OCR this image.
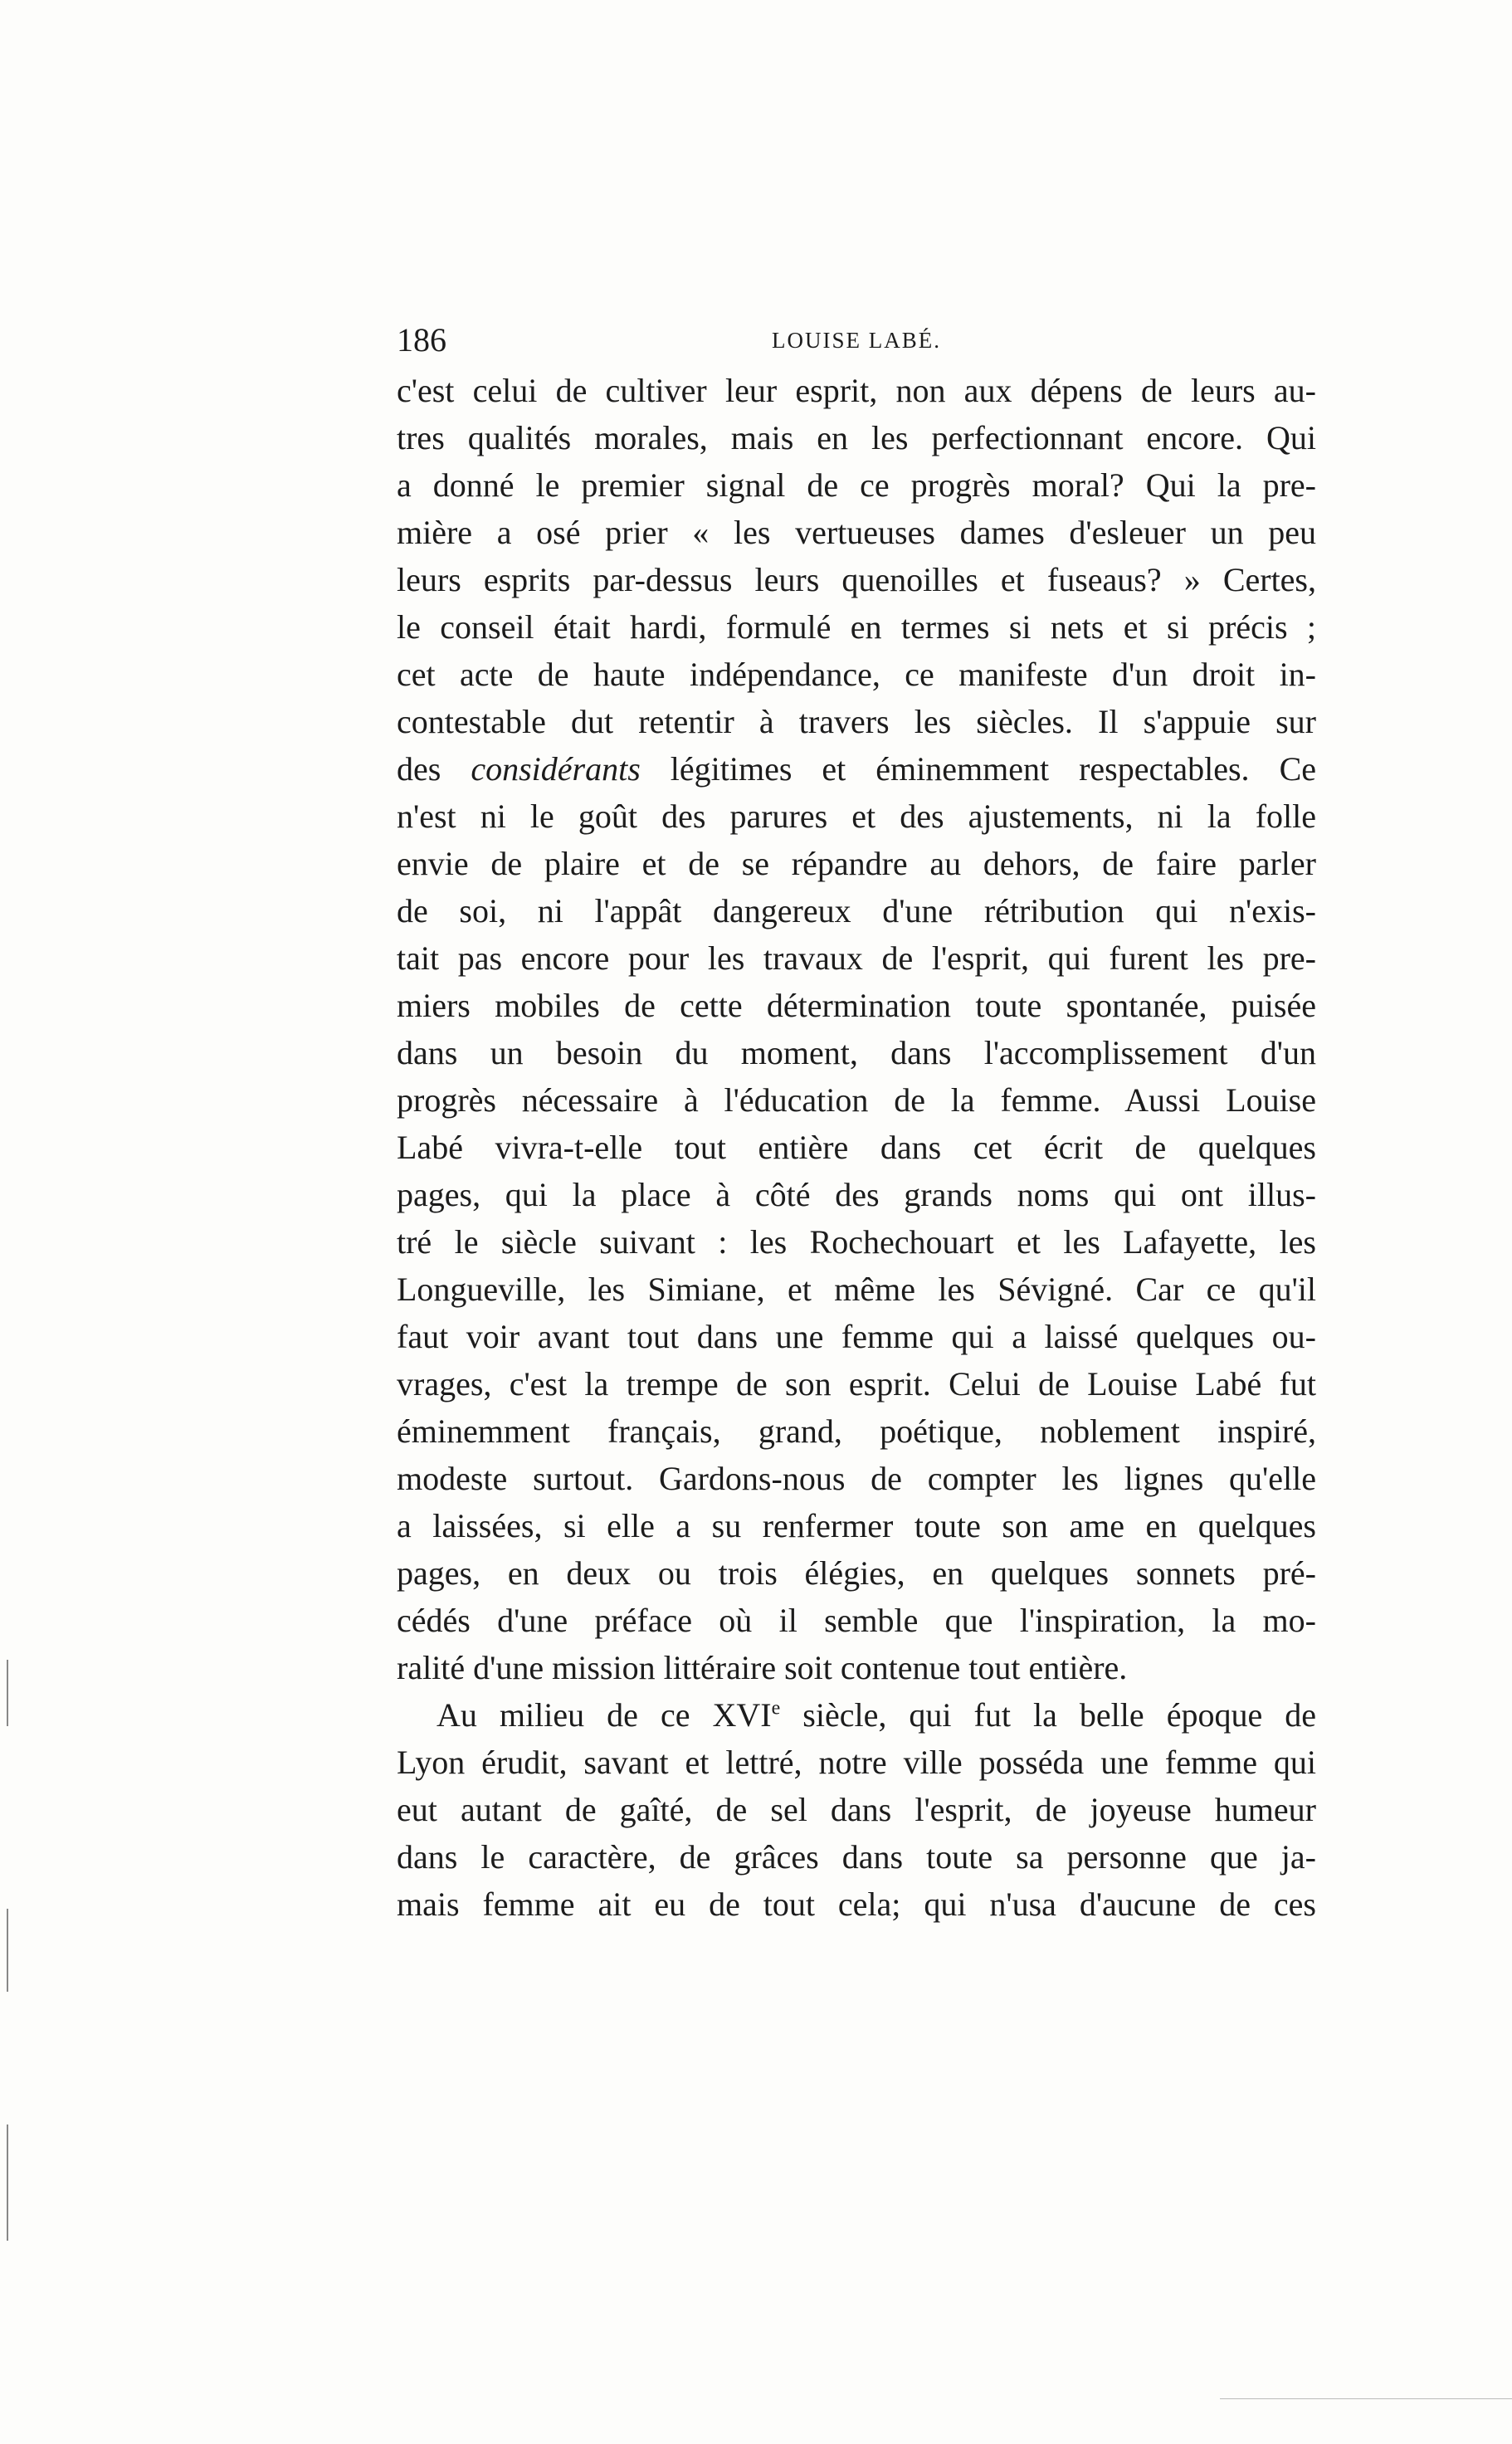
186	LOUISE LABÉ.
c'est celui de cultiver leur esprit, non aux dépens de leurs au-
tres qualités morales, mais en les perfectionnant encore. Qui
a donné le premier signal de ce progrès moral? Qui la pre-
mière a osé prier « les vertueuses dames d'esleuer un peu
leurs esprits par-dessus leurs quenoilles et fuseaus? » Certes,
le conseil était hardi, formulé en termes si nets et si précis ;
cet acte de haute indépendance, ce manifeste d'un droit in-
contestable dut retentir à travers les siècles. Il s'appuie sur
des considérants légitimes et éminemment respectables. Ce
n'est ni le goût des parures et des ajustements, ni la folle
envie de plaire et de se répandre au dehors, de faire parler
de soi, ni l'appât dangereux d'une rétribution qui n'exis-
tait pas encore pour les travaux de l'esprit, qui furent les pre-
miers mobiles de cette détermination toute spontanée, puisée
dans un besoin du moment, dans l'accomplissement d'un
progrès nécessaire à l'éducation de la femme. Aussi Louise
Labé vivra-t-elle tout entière dans cet écrit de quelques
pages, qui la place à côté des grands noms qui ont illus-
tré le siècle suivant : les Rochechouart et les Lafayette, les
Longueville, les Simiane, et même les Sévigné. Car ce qu'il
faut voir avant tout dans une femme qui a laissé quelques ou-
vrages, c'est la trempe de son esprit. Celui de Louise Labé fut
éminemment français, grand, poétique, noblement inspiré,
modeste surtout. Gardons-nous de compter les lignes qu'elle
a laissées, si elle a su renfermer toute son ame en quelques
pages, en deux ou trois élégies, en quelques sonnets pré-
cédés d'une préface où il semble que l'inspiration, la mo-
ralité d'une mission littéraire soit contenue tout entière.
Au milieu de ce XVIe siècle, qui fut la belle époque de
Lyon érudit, savant et lettré, notre ville posséda une femme qui
eut autant de gaîté, de sel dans l'esprit, de joyeuse humeur
dans le caractère, de grâces dans toute sa personne que ja-
mais femme ait eu de tout cela; qui n'usa d'aucune de ces
